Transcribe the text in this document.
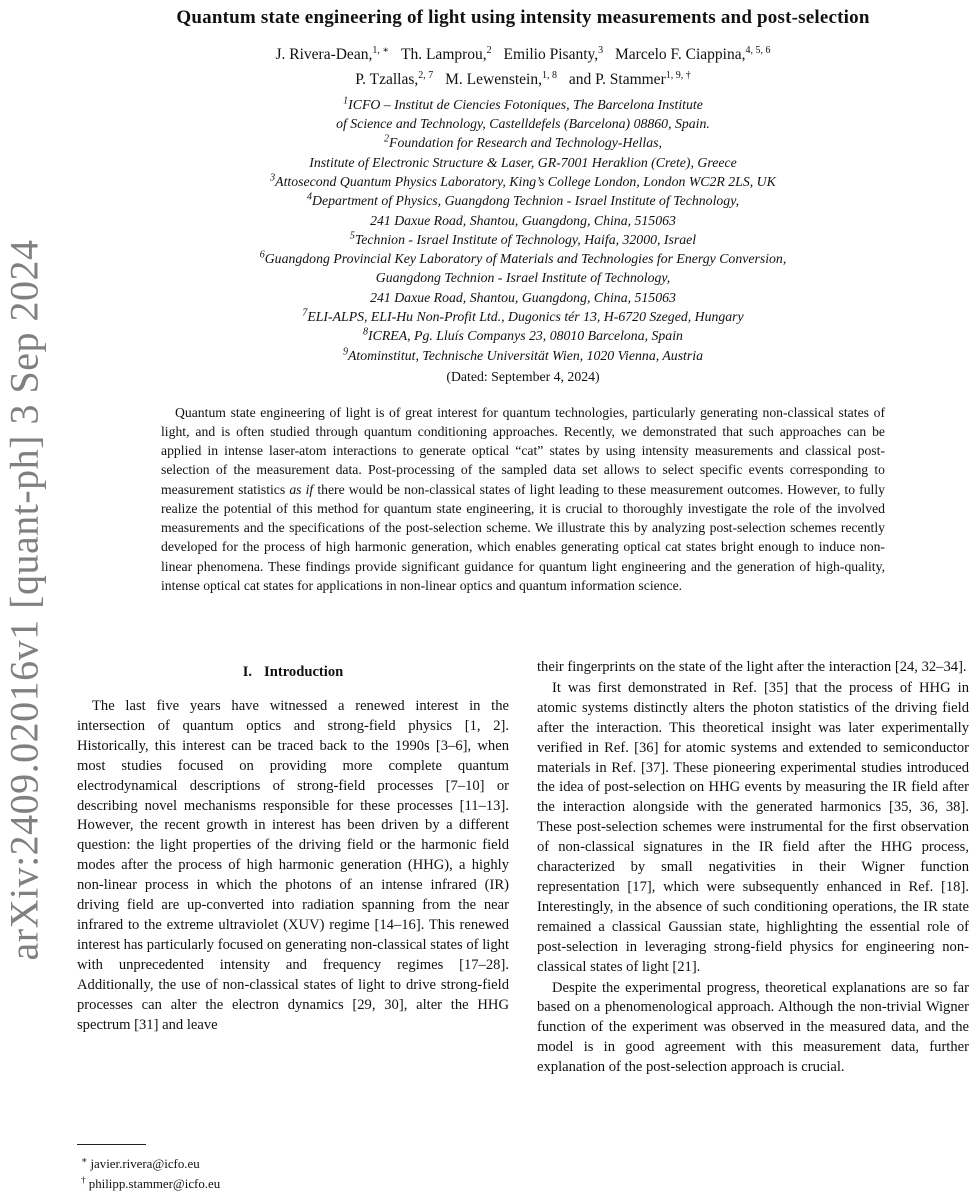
arXiv:2409.02016v1 [quant-ph] 3 Sep 2024
Quantum state engineering of light using intensity measurements and post-selection
J. Rivera-Dean,$^{1, ∗}$ Th. Lamprou,$^2$ Emilio Pisanty,$^3$ Marcelo F. Ciappina,$^{4, 5, 6}$
P. Tzallas,$^{2, 7}$ M. Lewenstein,$^{1, 8}$ and P. Stammer$^{1, 9, \dagger}$
$^1$ICFO – Institut de Ciencies Fotoniques, The Barcelona Institute
of Science and Technology, Castelldefels (Barcelona) 08860, Spain.
$^2$Foundation for Research and Technology-Hellas,
Institute of Electronic Structure & Laser, GR-7001 Heraklion (Crete), Greece
$^3$Attosecond Quantum Physics Laboratory, King’s College London, London WC2R 2LS, UK
$^4$Department of Physics, Guangdong Technion - Israel Institute of Technology,
241 Daxue Road, Shantou, Guangdong, China, 515063
$^5$Technion - Israel Institute of Technology, Haifa, 32000, Israel
$^6$Guangdong Provincial Key Laboratory of Materials and Technologies for Energy Conversion,
Guangdong Technion - Israel Institute of Technology,
241 Daxue Road, Shantou, Guangdong, China, 515063
$^7$ELI-ALPS, ELI-Hu Non-Profit Ltd., Dugonics tér 13, H-6720 Szeged, Hungary
$^8$ICREA, Pg. Lluís Companys 23, 08010 Barcelona, Spain
$^9$Atominstitut, Technische Universität Wien, 1020 Vienna, Austria
(Dated: September 4, 2024)

Quantum state engineering of light is of great interest for quantum technologies, particularly generating non-classical states of light, and is often studied through quantum conditioning approaches. Recently, we demonstrated that such approaches can be applied in intense laser-atom interactions to generate optical “cat” states by using intensity measurements and classical post-selection of the measurement data. Post-processing of the sampled data set allows to select specific events corresponding to measurement statistics as if there would be non-classical states of light leading to these measurement outcomes. However, to fully realize the potential of this method for quantum state engineering, it is crucial to thoroughly investigate the role of the involved measurements and the specifications of the post-selection scheme. We illustrate this by analyzing post-selection schemes recently developed for the process of high harmonic generation, which enables generating optical cat states bright enough to induce non-linear phenomena. These findings provide significant guidance for quantum light engineering and the generation of high-quality, intense optical cat states for applications in non-linear optics and quantum information science.

I. Introduction

The last five years have witnessed a renewed interest in the intersection of quantum optics and strong-field physics [1, 2]. Historically, this interest can be traced back to the 1990s [3–6], when most studies focused on providing more complete quantum electrodynamical descriptions of strong-field processes [7–10] or describing novel mechanisms responsible for these processes [11–13]. However, the recent growth in interest has been driven by a different question: the light properties of the driving field or the harmonic field modes after the process of high harmonic generation (HHG), a highly non-linear process in which the photons of an intense infrared (IR) driving field are up-converted into radiation spanning from the near infrared to the extreme ultraviolet (XUV) regime [14–16]. This renewed interest has particularly focused on generating non-classical states of light with unprecedented intensity and frequency regimes [17–28]. Additionally, the use of non-classical states of light to drive strong-field processes can alter the electron dynamics [29, 30], alter the HHG spectrum [31] and leave

∗ javier.rivera@icfo.eu
† philipp.stammer@icfo.eu

their fingerprints on the state of the light after the interaction [24, 32–34].

It was first demonstrated in Ref. [35] that the process of HHG in atomic systems distinctly alters the photon statistics of the driving field after the interaction. This theoretical insight was later experimentally verified in Ref. [36] for atomic systems and extended to semiconductor materials in Ref. [37]. These pioneering experimental studies introduced the idea of post-selection on HHG events by measuring the IR field after the interaction alongside with the generated harmonics [35, 36, 38]. These post-selection schemes were instrumental for the first observation of non-classical signatures in the IR field after the HHG process, characterized by small negativities in their Wigner function representation [17], which were subsequently enhanced in Ref. [18]. Interestingly, in the absence of such conditioning operations, the IR state remained a classical Gaussian state, highlighting the essential role of post-selection in leveraging strong-field physics for engineering non-classical states of light [21].

Despite the experimental progress, theoretical explanations are so far based on a phenomenological approach. Although the non-trivial Wigner function of the experiment was observed in the measured data, and the model is in good agreement with this measurement data, further explanation of the post-selection approach is crucial.
